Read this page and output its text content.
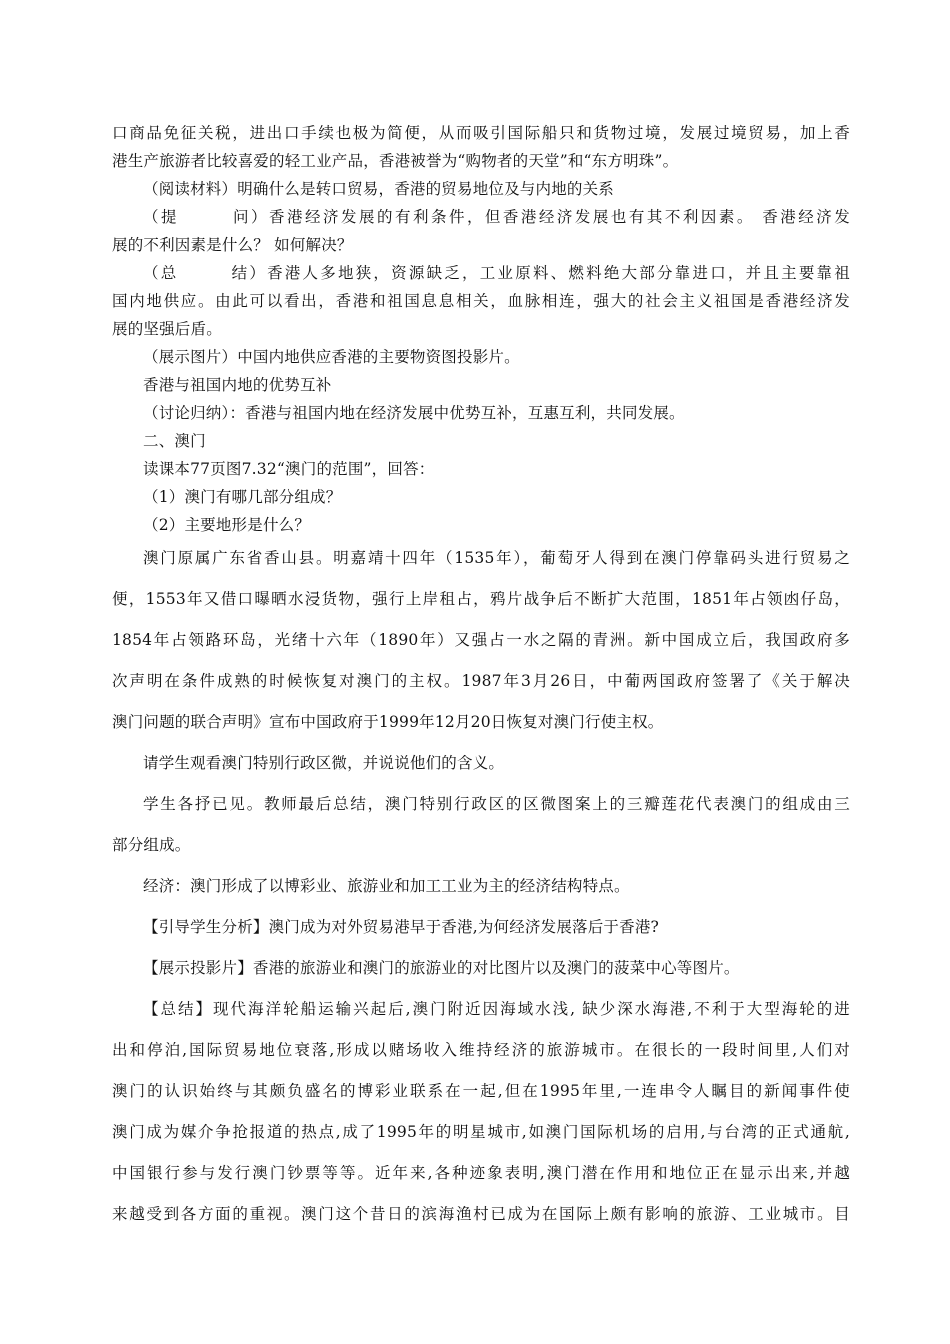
口商品免征关税，进出口手续也极为简便，从而吸引国际船只和货物过境，发展过境贸易，加上香
港生产旅游者比较喜爱的轻工业产品，香港被誉为“购物者的天堂”和“东方明珠”。
（阅读材料）明确什么是转口贸易，香港的贸易地位及与内地的关系
（提　　　问）香港经济发展的有利条件，但香港经济发展也有其不利因素。 香港经济发
展的不利因素是什么？ 如何解决？
（总　　　结）香港人多地狭，资源缺乏，工业原料、燃料绝大部分靠进口，并且主要靠祖
国内地供应。由此可以看出，香港和祖国息息相关，血脉相连，强大的社会主义祖国是香港经济发
展的坚强后盾。
（展示图片）中国内地供应香港的主要物资图投影片。
香港与祖国内地的优势互补
（讨论归纳）：香港与祖国内地在经济发展中优势互补，互惠互利，共同发展。
二、澳门
读课本77页图7.32“澳门的范围”，回答：
（1）澳门有哪几部分组成？
（2）主要地形是什么？
澳门原属广东省香山县。明嘉靖十四年（1535年），葡萄牙人得到在澳门停靠码头进行贸易之
便，1553年又借口曝晒水浸货物，强行上岸租占，鸦片战争后不断扩大范围，1851年占领凼仔岛，
1854年占领路环岛，光绪十六年（1890年）又强占一水之隔的青洲。新中国成立后，我国政府多
次声明在条件成熟的时候恢复对澳门的主权。1987年3月26日，中葡两国政府签署了《关于解决
澳门问题的联合声明》宣布中国政府于1999年12月20日恢复对澳门行使主权。
请学生观看澳门特别行政区微，并说说他们的含义。
学生各抒已见。教师最后总结，澳门特别行政区的区微图案上的三瓣莲花代表澳门的组成由三
部分组成。
经济：澳门形成了以博彩业、旅游业和加工工业为主的经济结构特点。
【引导学生分析】澳门成为对外贸易港早于香港,为何经济发展落后于香港?
【展示投影片】香港的旅游业和澳门的旅游业的对比图片以及澳门的菠菜中心等图片。
【总结】现代海洋轮船运输兴起后,澳门附近因海域水浅, 缺少深水海港,不利于大型海轮的进
出和停泊,国际贸易地位衰落,形成以赌场收入维持经济的旅游城市。在很长的一段时间里,人们对
澳门的认识始终与其颇负盛名的博彩业联系在一起,但在1995年里,一连串令人瞩目的新闻事件使
澳门成为媒介争抢报道的热点,成了1995年的明星城市,如澳门国际机场的启用,与台湾的正式通航,
中国银行参与发行澳门钞票等等。近年来,各种迹象表明,澳门潜在作用和地位正在显示出来,并越
来越受到各方面的重视。澳门这个昔日的滨海渔村已成为在国际上颇有影响的旅游、工业城市。目
